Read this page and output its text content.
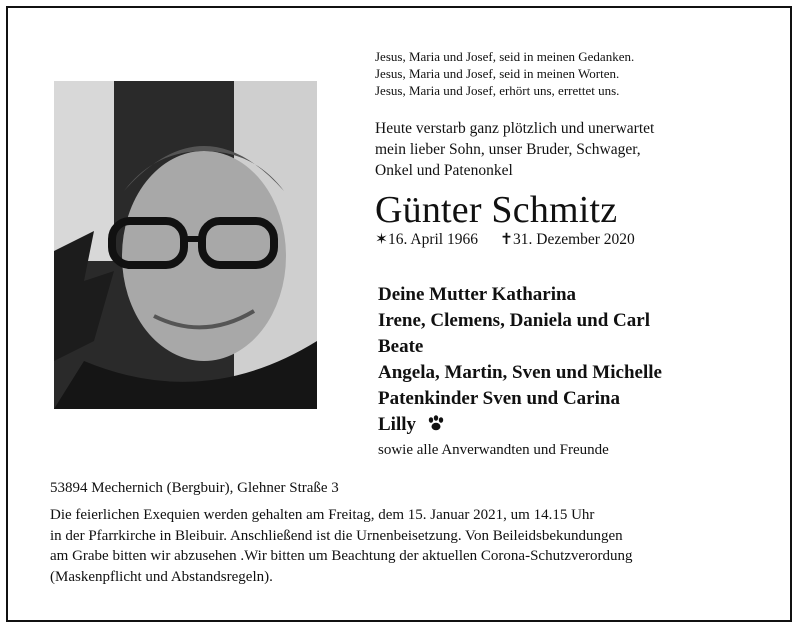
Jesus, Maria und Josef, seid in meinen Gedanken.
Jesus, Maria und Josef, seid in meinen Worten.
Jesus, Maria und Josef, erhört uns, errettet uns.
Heute verstarb ganz plötzlich und unerwartet
mein lieber Sohn, unser Bruder, Schwager,
Onkel und Patenonkel
Günter Schmitz
✶16. April 1966 ✝31. Dezember 2020
Deine Mutter Katharina
Irene, Clemens, Daniela und Carl
Beate
Angela, Martin, Sven und Michelle
Patenkinder Sven und Carina
Lilly
sowie alle Anverwandten und Freunde
53894 Mechernich (Bergbuir), Glehner Straße 3
Die feierlichen Exequien werden gehalten am Freitag, dem 15. Januar 2021, um 14.15 Uhr
in der Pfarrkirche in Bleibuir. Anschließend ist die Urnenbeisetzung. Von Beileidsbekundungen
am Grabe bitten wir abzusehen .Wir bitten um Beachtung der aktuellen Corona-Schutzverordung
(Maskenpflicht und Abstandsregeln).
